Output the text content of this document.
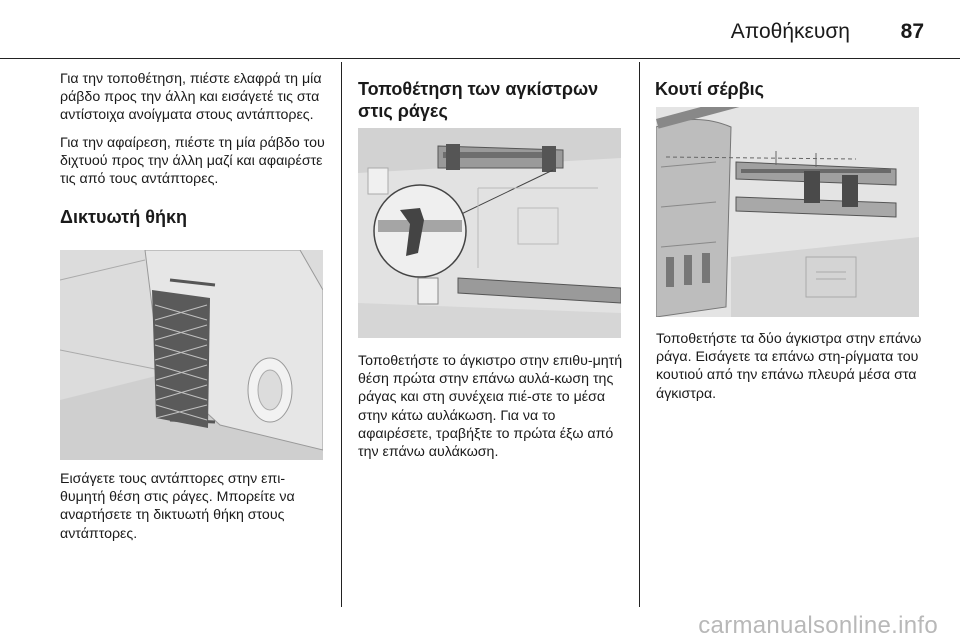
Αποθήκευση	87

Για την τοποθέτηση, πιέστε ελαφρά τη μία ράβδο προς την άλλη και εισάγετέ τις στα αντίστοιχα ανοίγματα στους αντάπτορες.

Για την αφαίρεση, πιέστε τη μία ράβδο του διχτυού προς την άλλη μαζί και αφαιρέστε τις από τους αντάπτορες.

Δικτυωτή θήκη

Εισάγετε τους αντάπτορες στην επι-θυμητή θέση στις ράγες. Μπορείτε να αναρτήσετε τη δικτυωτή θήκη στους αντάπτορες.

Τοποθέτηση των αγκίστρων στις ράγες

Τοποθετήστε το άγκιστρο στην επιθυ-μητή θέση πρώτα στην επάνω αυλά-κωση της ράγας και στη συνέχεια πιέ-στε το μέσα στην κάτω αυλάκωση. Για να το αφαιρέσετε, τραβήξτε το πρώτα έξω από την επάνω αυλάκωση.

Κουτί σέρβις

Τοποθετήστε τα δύο άγκιστρα στην επάνω ράγα. Εισάγετε τα επάνω στη-ρίγματα του κουτιού από την επάνω πλευρά μέσα στα άγκιστρα.

carmanualsonline.info
